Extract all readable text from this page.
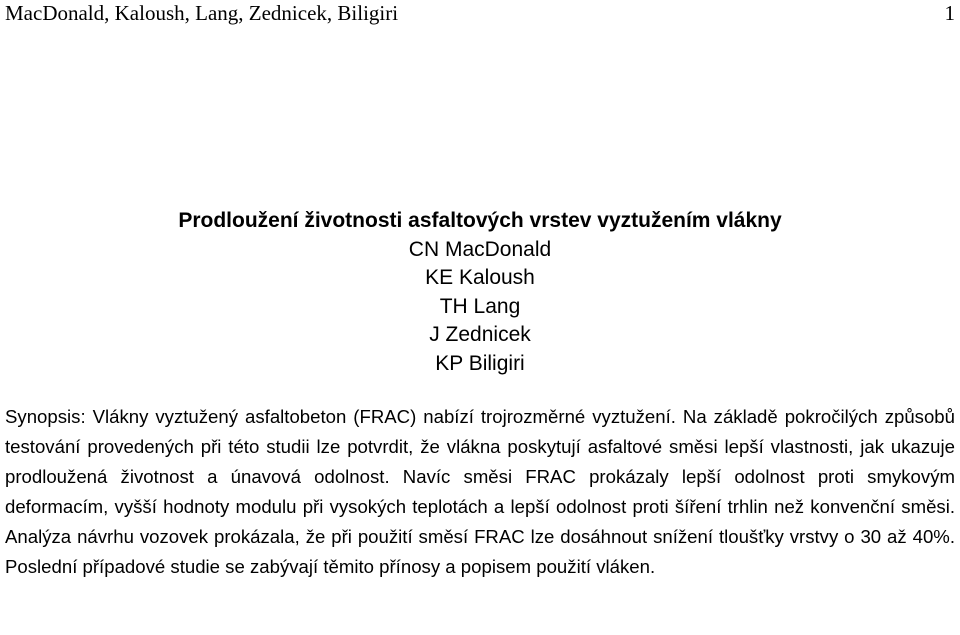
MacDonald, Kaloush, Lang, Zednicek, Biligiri	1
Prodloužení životnosti asfaltových vrstev vyztužením vlákny
CN MacDonald
KE Kaloush
TH Lang
J Zednicek
KP Biligiri

Synopsis: Vlákny vyztužený asfaltobeton (FRAC) nabízí trojrozměrné vyztužení. Na základě pokročilých způsobů testování provedených při této studii lze potvrdit, že vlákna poskytují asfaltové směsi lepší vlastnosti, jak ukazuje prodloužená životnost a únavová odolnost. Navíc směsi FRAC prokázaly lepší odolnost proti smykovým deformacím, vyšší hodnoty modulu při vysokých teplotách a lepší odolnost proti šíření trhlin než konvenční směsi. Analýza návrhu vozovek prokázala, že při použití směsí FRAC lze dosáhnout snížení tloušťky vrstvy o 30 až 40%. Poslední případové studie se zabývají těmito přínosy a popisem použití vláken.
